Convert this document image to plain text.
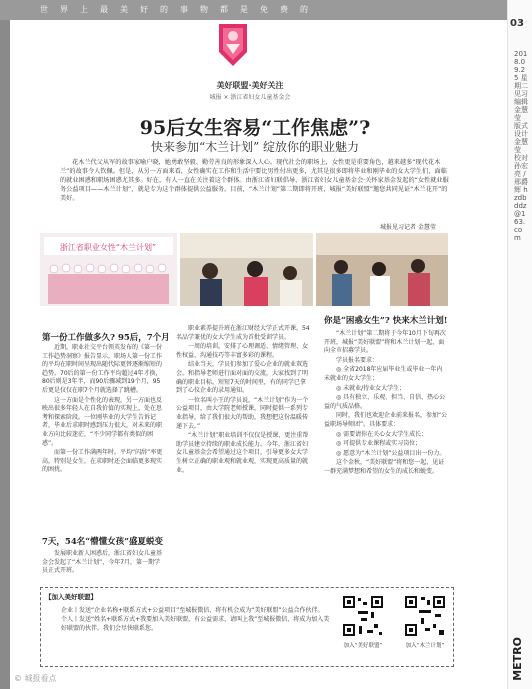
世界上最美好的事物都是免费的
03
2018.09.25 星期二 见习编辑 金慧莹 版式设计 金慧莹 校对 孙宏亮 / 邢爵辉 hzdbddz@163.com
METRO
美好联盟·美好关注
城报 × 浙江省妇女儿童基金会
95后女生容易“工作焦虑”?
快来参加“木兰计划” 绽放你的职业魅力
花木兰代父从军的故事家喻户晓，她勇敢坚毅、勤劳善良的形象深入人心。现代社会的职场上，女性更是重要角色，越来越多“现代花木兰”的故事令人钦佩。但是，从另一方面来看，女性确实在工作和生活中要比男性付出更多，尤其是很多即将毕业和刚毕业的女大学生们，面临的就业困惑和职场困惑尤其多。好在，有人一直在关注着这个群体。由浙江省妇联倡导、浙江省妇女儿童基金会·关怀家基金发起的“女性就业服务公益项目——木兰计划”，就是专为这个群体提供公益服务。目前，“木兰计划”第二期即将开班，城报“美好联盟”邀您共同见证“木兰花开”的美好。
城报见习记者 金慧莹
浙江省职业女性“木兰计划”
第一份工作做多久? 95后，7个月

近期，职业社交平台领英发布的《第一份工作趋势洞察》报告显示，职场人第一份工作的平均在职时间呈现出随代际更替逐渐缩短的趋势。70后的第一份工作平均超过4年才换，80后则是3年半，而90后骤减到19个月，95后更是仅仅在职7个月就选择了跳槽。

这一方面是个性化的表现，另一方面也反映出很多年轻人在自我价值的实现上，处在思考和探索阶段。一位刚毕业的大学生告诉记者，毕业后求职时感到压力很大，对未来的职业方向比较迷茫，“不少同学都有类似的困惑”。

而第一份工作满两年时，平均“闪辞”率更高。特别是女生，在求职时还会面临更多现实的困扰。

7天，54名“懵懂女孩”盛夏蜕变

发展职业新人困惑后，浙江省妇女儿童基金会发起了“木兰计划”，今年7月，第一期学员正式开班。

职业素养提升班在浙江财经大学正式开课。54名品学兼优的女大学生成为首批受训学员。

一周的培训，安排了心理调适、情绪管理、女性权益、沟通技巧等丰富多彩的课程。

结业当天，学员们参加了爱心企业的就业双选会。和指导老师进行面对面的交流，大家找到了明确的职业目标。短短7天的时间里，有的同学已拿到了心仪企业的录用通知。

一位名叫小王的学员说，“木兰计划”作为一个公益项目，由大学院老师授课，同时提供一系列专业指导，给了我们很大的帮助，我想把这份温暖传递下去。”

“木兰计划”职业培训不仅仅是授课，更注重帮助学员建立持续的职业成长能力。今年，浙江省妇女儿童基金会希望通过这个项目，引导更多女大学生树立正确的职业观和就业观，实现更高质量的就业。

你是“困惑女生”? 快来木兰计划!

“木兰计划”第二期将于今年10月下旬再次开班，城报“美好联盟”将和木兰计划一起，面向全市招募学员。

学员报名要求：

◎ 全省2018年应届毕业生或毕业一年内未就业的女大学生；

◎ 未就业/待业女大学生；

◎ 具有独立、乐观、担当、自信、热心公益的气质品格。

同时，我们也欢迎企业前来报名，参加“公益职场导师团”。具体要求：

◎ 需要请你在关心女大学生成长；

◎ 可提供专业课程或实习岗位；

◎ 愿意为“木兰计划”公益项目出一份力。

这个金秋，“美好联盟”将和您一起，见证一群充满梦想和希望的女生的成长和蜕变。

【加入美好联盟】
企业丨发送“企业名称+联系方式+公益项目”至城报微信，将有机会成为“美好联盟”公益合作伙伴。
个人丨发送“姓名+联系方式+我要加入美好联盟，有公益需求，请叫上我”至城报微信，将成为加入美好联盟的伙伴。我们会尽快联系您。
加入“美好联盟”	加入“木兰计划”
© 城报看点
